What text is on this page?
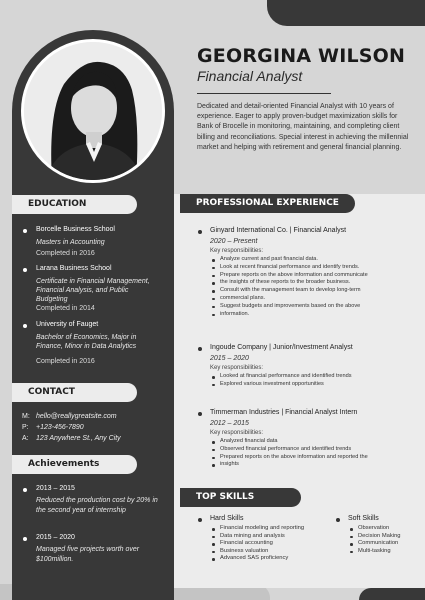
EDUCATION
Borcelle Business School
Masters in Accounting
Completed in 2016
Larana Business School
Certificate in Financial Management, Financial Analysis, and Public Budgeting
Completed in 2014
University of Fauget
Bachelor of Economics, Major in Finance, Minor in Data Analytics
Completed in 2016
CONTACT
M: hello@reallygreatsite.com
P: +123-456-7890
A: 123 Anywhere St., Any City
Achievements
2013 – 2015
Reduced the production cost by 20% in the second year of internship
2015 – 2020
Managed five projects worth over $100million.
GEORGINA WILSON
Financial Analyst
Dedicated and detail-oriented Financial Analyst with 10 years of experience. Eager to apply proven-budget maximization skills for Bank of Brocelle in monitoring, maintaining, and completing client billing and reconciliations. Special interest in achieving the millennial market and helping with retirement and general financial planning.
PROFESSIONAL EXPERIENCE
Ginyard International Co. | Financial Analyst
2020 – Present
Key responsibilities:
Analyze current and past financial data.
Look at recent financial performance and identify trends.
Prepare reports on the above information and communicate
the insights of these reports to the broader business.
Consult with the management team to develop long-term
commercial plans.
Suggest budgets and improvements based on the above
information.
Ingoude Company | Junior/Investment Analyst
2015 – 2020
Key responsibilities:
Looked at financial performance and identified trends
Explored various investment opportunities
Timmerman Industries | Financial Analyst Intern
2012 – 2015
Key responsibilities:
Analyzed financial data
Observed financial performance and identified trends
Prepared reports on the above information and reported the
insights
TOP SKILLS
Hard Skills
Financial modeling and reporting
Data mining and analysis
Financial accounting
Business valuation
Advanced SAS proficiency
Soft Skills
Observation
Decision Making
Communication
Multi-tasking
